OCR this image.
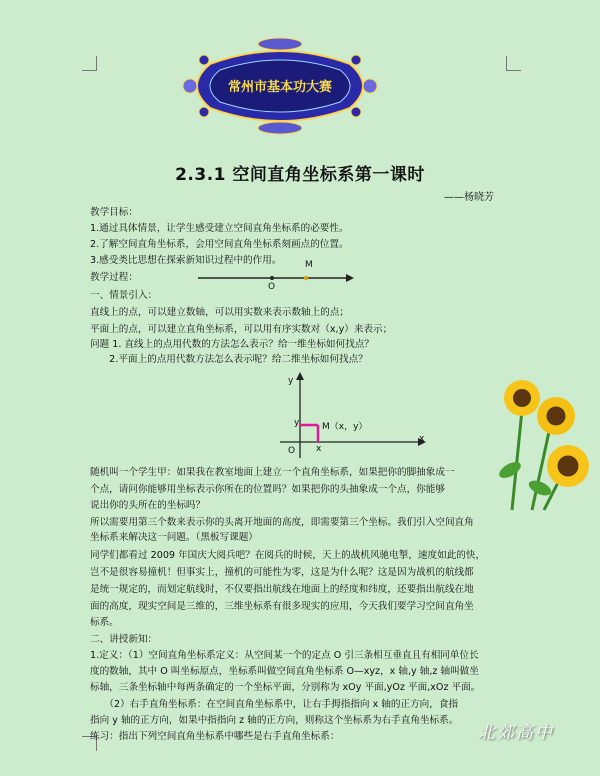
常州市基本功大赛
2.3.1 空间直角坐标系第一课时
——杨晓芳
教学目标：
1.通过具体情景，让学生感受建立空间直角坐标系的必要性。
2.了解空间直角坐标系，会用空间直角坐标系刻画点的位置。
3.感受类比思想在探索新知识过程中的作用。
教学过程：
一、情景引入：
直线上的点，可以建立数轴，可以用实数来表示数轴上的点；
平面上的点，可以建立直角坐标系，可以用有序实数对（x,y）来表示；
问题 1. 直线上的点用代数的方法怎么表示？给一维坐标如何找点？
　　2.平面上的点用代数方法怎么表示呢？给二维坐标如何找点？
M
O
y
x
O
y
x
M（x，y）
随机叫一个学生甲：如果我在教室地面上建立一个直角坐标系，如果把你的脚抽象成一
个点，请问你能够用坐标表示你所在的位置吗？如果把你的头抽象成一个点，你能够
说出你的头所在的坐标吗？
所以需要用第三个数来表示你的头离开地面的高度，即需要第三个坐标。我们引入空间直角
坐标系来解决这一问题。（黑板写课题）
同学们都看过 2009 年国庆大阅兵吧？在阅兵的时候，天上的战机风驰电掣，速度如此的快，
岂不是很容易撞机！但事实上，撞机的可能性为零，这是为什么呢？这是因为战机的航线都
是统一规定的，而划定航线时，不仅要指出航线在地面上的经度和纬度，还要指出航线在地
面的高度，现实空间是三维的，三维坐标系有很多现实的应用，今天我们要学习空间直角坐
标系。
二、讲授新知：
1.定义：（1）空间直角坐标系定义：从空间某一个的定点 O 引三条相互垂直且有相同单位长
度的数轴，其中 O 叫坐标原点，坐标系叫做空间直角坐标系 O—xyz，x 轴,y 轴,z 轴叫做坐
标轴，三条坐标轴中每两条确定的一个坐标平面，分别称为 xOy 平面,yOz 平面,xOz 平面。
　　（2）右手直角坐标系：在空间直角坐标系中，让右手拇指指向 x 轴的正方向，食指
指向 y 轴的正方向，如果中指指向 z 轴的正方向，则称这个坐标系为右手直角坐标系。
练习：指出下列空间直角坐标系中哪些是右手直角坐标系：	北郊高中
